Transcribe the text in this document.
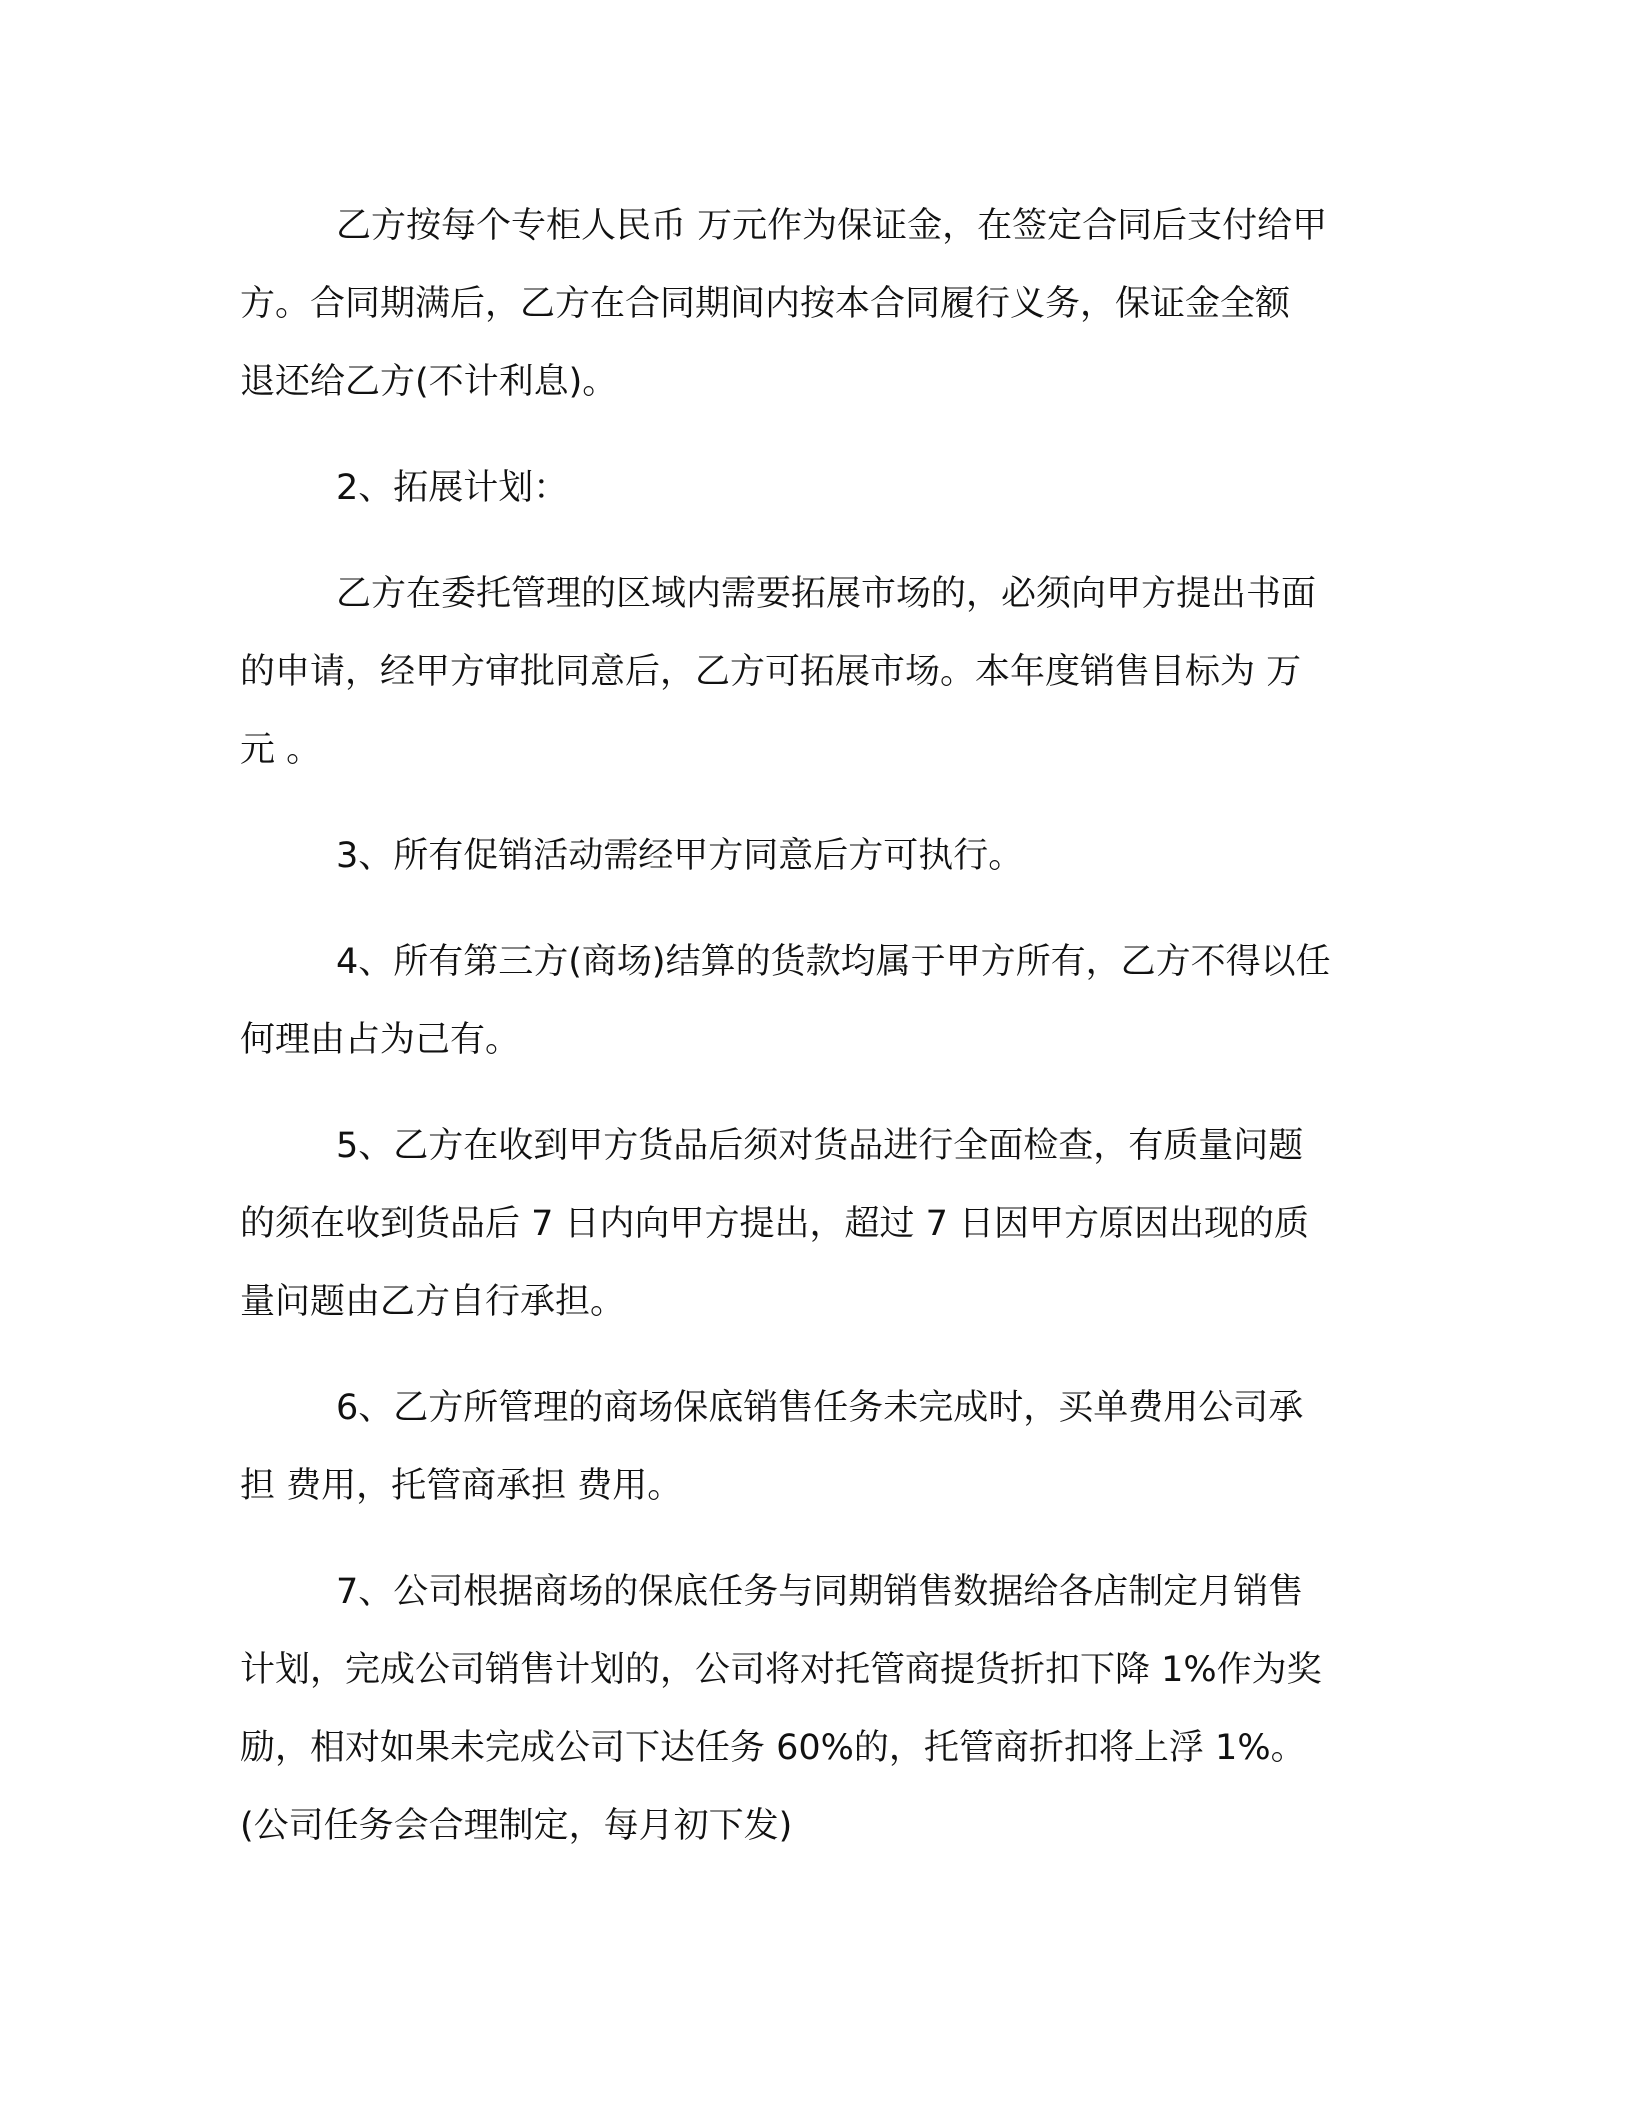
乙方按每个专柜人民币 万元作为保证金，在签定合同后支付给甲
方。合同期满后，乙方在合同期间内按本合同履行义务，保证金全额
退还给乙方(不计利息)。

2、拓展计划：

乙方在委托管理的区域内需要拓展市场的，必须向甲方提出书面
的申请，经甲方审批同意后，乙方可拓展市场。本年度销售目标为 万
元 。

3、所有促销活动需经甲方同意后方可执行。

4、所有第三方(商场)结算的货款均属于甲方所有，乙方不得以任
何理由占为己有。

5、乙方在收到甲方货品后须对货品进行全面检查，有质量问题
的须在收到货品后 7 日内向甲方提出，超过 7 日因甲方原因出现的质
量问题由乙方自行承担。

6、乙方所管理的商场保底销售任务未完成时，买单费用公司承
担 费用，托管商承担 费用。

7、公司根据商场的保底任务与同期销售数据给各店制定月销售
计划，完成公司销售计划的，公司将对托管商提货折扣下降 1%作为奖
励，相对如果未完成公司下达任务 60%的，托管商折扣将上浮 1%。
(公司任务会合理制定，每月初下发)
